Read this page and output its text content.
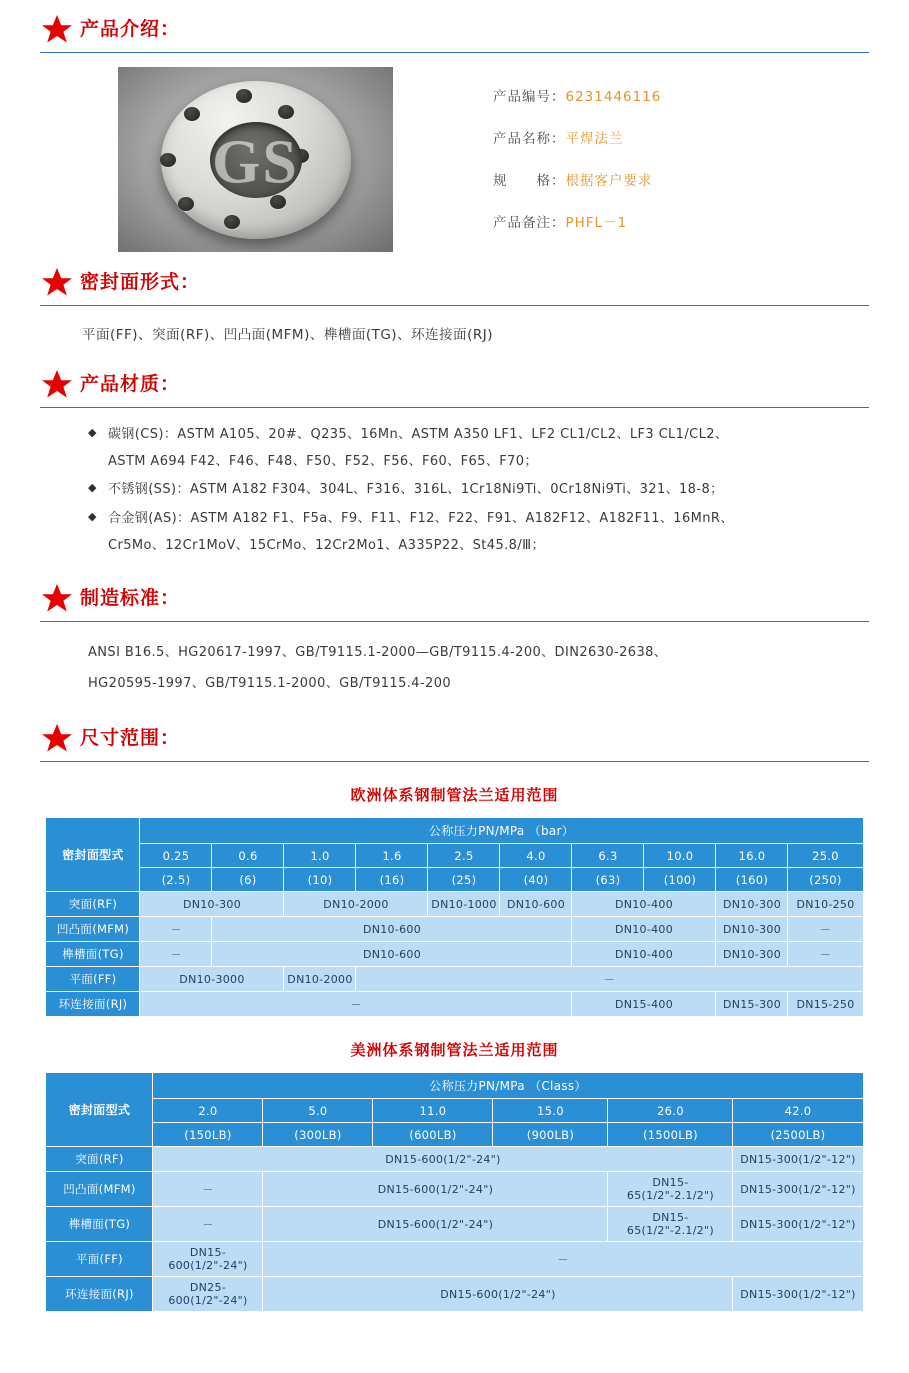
产品介绍：
GS
产品编号：6231446116
产品名称：平焊法兰
规　　格：根据客户要求
产品备注：PHFL－1
密封面形式：
平面(FF)、突面(RF)、凹凸面(MFM)、榫槽面(TG)、环连接面(RJ)
产品材质：
◆ 碳钢(CS)：ASTM A105、20#、Q235、16Mn、ASTM A350 LF1、LF2 CL1/CL2、LF3 CL1/CL2、
ASTM A694 F42、F46、F48、F50、F52、F56、F60、F65、F70；
◆ 不锈钢(SS)：ASTM A182 F304、304L、F316、316L、1Cr18Ni9Ti、0Cr18Ni9Ti、321、18-8；
◆ 合金钢(AS)：ASTM A182 F1、F5a、F9、F11、F12、F22、F91、A182F12、A182F11、16MnR、
Cr5Mo、12Cr1MoV、15CrMo、12Cr2Mo1、A335P22、St45.8/Ⅲ；
制造标准：
ANSI B16.5、HG20617-1997、GB/T9115.1-2000—GB/T9115.4-200、DIN2630-2638、
HG20595-1997、GB/T9115.1-2000、GB/T9115.4-200
尺寸范围：
欧洲体系钢制管法兰适用范围
密封面型式	公称压力PN/MPa （bar）									
	0.25	0.6	1.0	1.6	2.5	4.0	6.3	10.0	16.0	25.0
	(2.5)	(6)	(10)	(16)	(25)	(40)	(63)	(100)	(160)	(250)
突面(RF)	DN10-300		DN10-2000		DN10-1000	DN10-600	DN10-400		DN10-300	DN10-250
凹凸面(MFM)	－	DN10-600					DN10-400		DN10-300	－
榫槽面(TG)	－	DN10-600					DN10-400		DN10-300	－
平面(FF)	DN10-3000		DN10-2000	－						
环连接面(RJ)	－						DN15-400		DN15-300	DN15-250
美洲体系钢制管法兰适用范围
密封面型式	公称压力PN/MPa （Class）					
	2.0	5.0	11.0	15.0	26.0	42.0
	(150LB)	(300LB)	(600LB)	(900LB)	(1500LB)	(2500LB)
突面(RF)	DN15-600(1/2"-24")					DN15-300(1/2"-12")
凹凸面(MFM)	－	DN15-600(1/2"-24")			DN15-65(1/2"-2.1/2")	DN15-300(1/2"-12")
榫槽面(TG)	－	DN15-600(1/2"-24")			DN15-65(1/2"-2.1/2")	DN15-300(1/2"-12")
平面(FF)	DN15-600(1/2"-24")	－				
环连接面(RJ)	DN25-600(1/2"-24")	DN15-600(1/2"-24")				DN15-300(1/2"-12")
